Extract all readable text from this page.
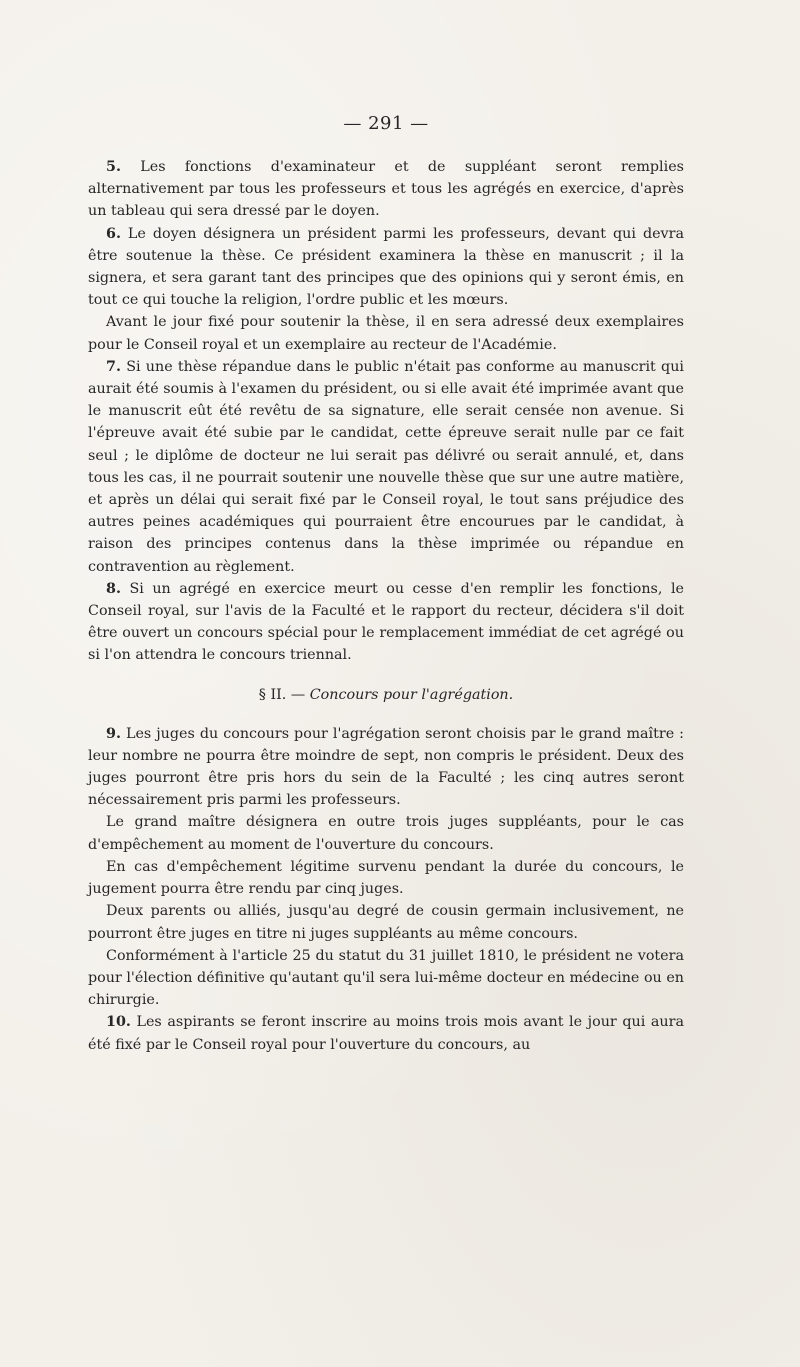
— 291 —

5. Les fonctions d'examinateur et de suppléant seront remplies alternativement par tous les professeurs et tous les agrégés en exercice, d'après un tableau qui sera dressé par le doyen.

6. Le doyen désignera un président parmi les professeurs, devant qui devra être soutenue la thèse. Ce président examinera la thèse en manuscrit ; il la signera, et sera garant tant des principes que des opinions qui y seront émis, en tout ce qui touche la religion, l'ordre public et les mœurs.

Avant le jour fixé pour soutenir la thèse, il en sera adressé deux exemplaires pour le Conseil royal et un exemplaire au recteur de l'Académie.

7. Si une thèse répandue dans le public n'était pas conforme au manuscrit qui aurait été soumis à l'examen du président, ou si elle avait été imprimée avant que le manuscrit eût été revêtu de sa signature, elle serait censée non avenue. Si l'épreuve avait été subie par le candidat, cette épreuve serait nulle par ce fait seul ; le diplôme de docteur ne lui serait pas délivré ou serait annulé, et, dans tous les cas, il ne pourrait soutenir une nouvelle thèse que sur une autre matière, et après un délai qui serait fixé par le Conseil royal, le tout sans préjudice des autres peines académiques qui pourraient être encourues par le candidat, à raison des principes contenus dans la thèse imprimée ou répandue en contravention au règlement.

8. Si un agrégé en exercice meurt ou cesse d'en remplir les fonctions, le Conseil royal, sur l'avis de la Faculté et le rapport du recteur, décidera s'il doit être ouvert un concours spécial pour le remplacement immédiat de cet agrégé ou si l'on attendra le concours triennal.

§ II. — Concours pour l'agrégation.

9. Les juges du concours pour l'agrégation seront choisis par le grand maître : leur nombre ne pourra être moindre de sept, non compris le président. Deux des juges pourront être pris hors du sein de la Faculté ; les cinq autres seront nécessairement pris parmi les professeurs.

Le grand maître désignera en outre trois juges suppléants, pour le cas d'empêchement au moment de l'ouverture du concours.

En cas d'empêchement légitime survenu pendant la durée du concours, le jugement pourra être rendu par cinq juges.

Deux parents ou alliés, jusqu'au degré de cousin germain inclusivement, ne pourront être juges en titre ni juges suppléants au même concours.

Conformément à l'article 25 du statut du 31 juillet 1810, le président ne votera pour l'élection définitive qu'autant qu'il sera lui-même docteur en médecine ou en chirurgie.

10. Les aspirants se feront inscrire au moins trois mois avant le jour qui aura été fixé par le Conseil royal pour l'ouverture du concours, au
